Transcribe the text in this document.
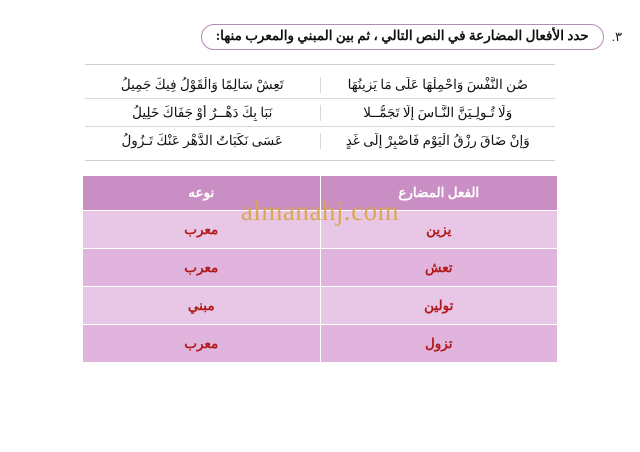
٣.
حدد الأفعال المضارعة في النص التالي ، ثم بين المبني والمعرب منها:
صُنِ النَّفْسَ وَاحْمِلْهَا عَلَى مَا يَزِينُهَا
تَعِشْ سَالِمًا وَالْقَوْلُ فِيكَ جَمِيلُ
وَلَا تُـولِـيَنَّ النَّـاسَ إلَّا تَجَمُّــلا
نَبَا بِكَ دَهْــرٌ أَوْ جَفَاكَ خَلِيلُ
وَإِنْ ضَاقَ رِزْقُ الْيَوْمِ فَاصْبِرْ إلَى غَدٍ
عَسَى نَكَبَاتُ الدَّهْرِ عَنْكَ تَـزُولُ
الفعل المضارع	نوعه
يزين	معرب
تعش	معرب
تولين	مبني
تزول	معرب
almanahj.com
